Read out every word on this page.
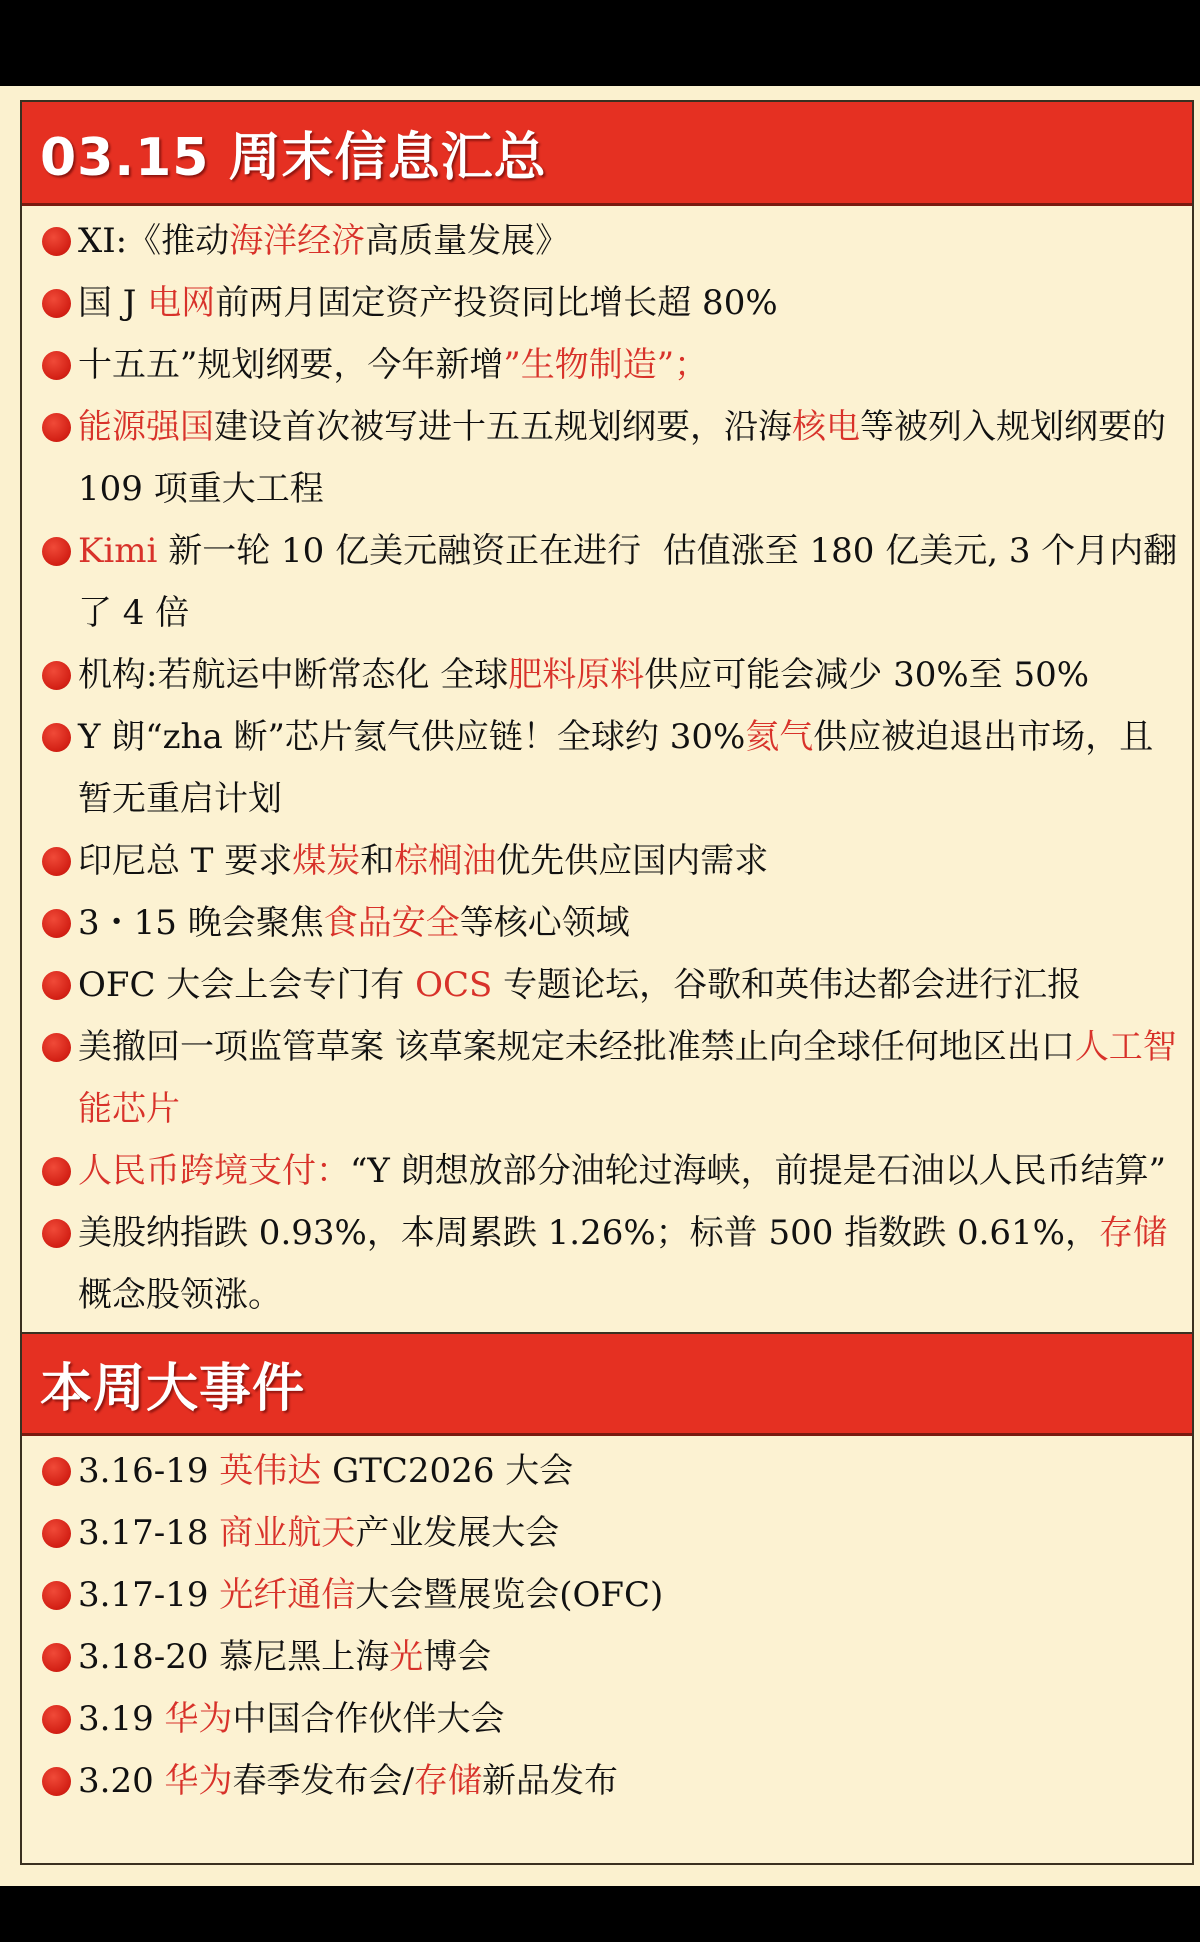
03.15 周末信息汇总
XI:《推动海洋经济高质量发展》
国 J 电网前两月固定资产投资同比增长超 80%
十五五”规划纲要，今年新增”生物制造”；
能源强国建设首次被写进十五五规划纲要，沿海核电等被列入规划纲要的 109 项重大工程
Kimi 新一轮 10 亿美元融资正在进行  估值涨至 180 亿美元, 3 个月内翻了 4 倍
机构:若航运中断常态化 全球肥料原料供应可能会减少 30%至 50%
Y 朗“zha 断”芯片氦气供应链！全球约 30%氦气供应被迫退出市场，且暂无重启计划
印尼总 T 要求煤炭和棕榈油优先供应国内需求
3・15 晚会聚焦食品安全等核心领域
OFC 大会上会专门有 OCS 专题论坛，谷歌和英伟达都会进行汇报
美撤回一项监管草案 该草案规定未经批准禁止向全球任何地区出口人工智能芯片
人民币跨境支付：“Y 朗想放部分油轮过海峡，前提是石油以人民币结算”
美股纳指跌 0.93%，本周累跌 1.26%；标普 500 指数跌 0.61%，存储概念股领涨。
本周大事件
3.16-19 英伟达 GTC2026 大会
3.17-18 商业航天产业发展大会
3.17-19 光纤通信大会暨展览会(OFC)
3.18-20 慕尼黑上海光博会
3.19 华为中国合作伙伴大会
3.20 华为春季发布会/存储新品发布
